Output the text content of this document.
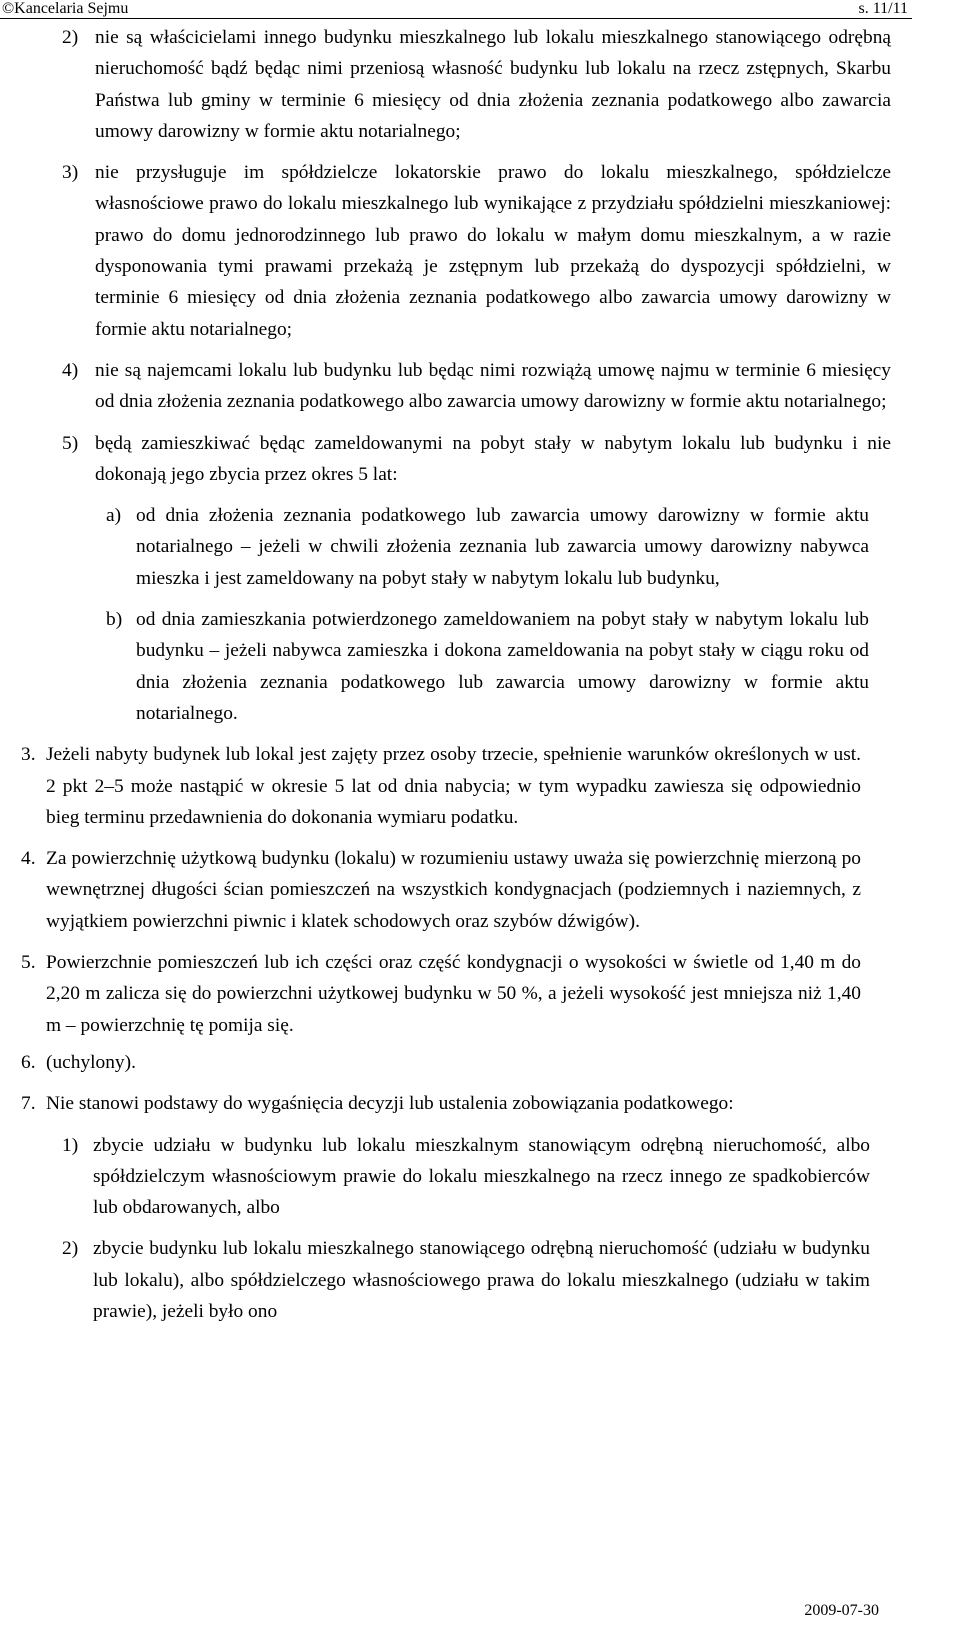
©Kancelaria Sejmu	s. 11/11
2) nie są właścicielami innego budynku mieszkalnego lub lokalu mieszkalnego stanowiącego odrębną nieruchomość bądź będąc nimi przeniosą własność budynku lub lokalu na rzecz zstępnych, Skarbu Państwa lub gminy w terminie 6 miesięcy od dnia złożenia zeznania podatkowego albo zawarcia umowy darowizny w formie aktu notarialnego;
3) nie przysługuje im spółdzielcze lokatorskie prawo do lokalu mieszkalnego, spółdzielcze własnościowe prawo do lokalu mieszkalnego lub wynikające z przydziału spółdzielni mieszkaniowej: prawo do domu jednorodzinnego lub prawo do lokalu w małym domu mieszkalnym, a w razie dysponowania tymi prawami przekażą je zstępnym lub przekażą do dyspozycji spółdzielni, w terminie 6 miesięcy od dnia złożenia zeznania podatkowego albo zawarcia umowy darowizny w formie aktu notarialnego;
4) nie są najemcami lokalu lub budynku lub będąc nimi rozwiążą umowę najmu w terminie 6 miesięcy od dnia złożenia zeznania podatkowego albo zawarcia umowy darowizny w formie aktu notarialnego;
5) będą zamieszkiwać będąc zameldowanymi na pobyt stały w nabytym lokalu lub budynku i nie dokonają jego zbycia przez okres 5 lat:
a) od dnia złożenia zeznania podatkowego lub zawarcia umowy darowizny w formie aktu notarialnego – jeżeli w chwili złożenia zeznania lub zawarcia umowy darowizny nabywca mieszka i jest zameldowany na pobyt stały w nabytym lokalu lub budynku,
b) od dnia zamieszkania potwierdzonego zameldowaniem na pobyt stały w nabytym lokalu lub budynku – jeżeli nabywca zamieszka i dokona zameldowania na pobyt stały w ciągu roku od dnia złożenia zeznania podatkowego lub zawarcia umowy darowizny w formie aktu notarialnego.
3. Jeżeli nabyty budynek lub lokal jest zajęty przez osoby trzecie, spełnienie warunków określonych w ust. 2 pkt 2–5 może nastąpić w okresie 5 lat od dnia nabycia; w tym wypadku zawiesza się odpowiednio bieg terminu przedawnienia do dokonania wymiaru podatku.
4. Za powierzchnię użytkową budynku (lokalu) w rozumieniu ustawy uważa się powierzchnię mierzoną po wewnętrznej długości ścian pomieszczeń na wszystkich kondygnacjach (podziemnych i naziemnych, z wyjątkiem powierzchni piwnic i klatek schodowych oraz szybów dźwigów).
5. Powierzchnie pomieszczeń lub ich części oraz część kondygnacji o wysokości w świetle od 1,40 m do 2,20 m zalicza się do powierzchni użytkowej budynku w 50 %, a jeżeli wysokość jest mniejsza niż 1,40 m – powierzchnię tę pomija się.
6. (uchylony).
7. Nie stanowi podstawy do wygaśnięcia decyzji lub ustalenia zobowiązania podatkowego:
1) zbycie udziału w budynku lub lokalu mieszkalnym stanowiącym odrębną nieruchomość, albo spółdzielczym własnościowym prawie do lokalu mieszkalnego na rzecz innego ze spadkobierców lub obdarowanych, albo
2) zbycie budynku lub lokalu mieszkalnego stanowiącego odrębną nieruchomość (udziału w budynku lub lokalu), albo spółdzielczego własnościowego prawa do lokalu mieszkalnego (udziału w takim prawie), jeżeli było ono
2009-07-30
